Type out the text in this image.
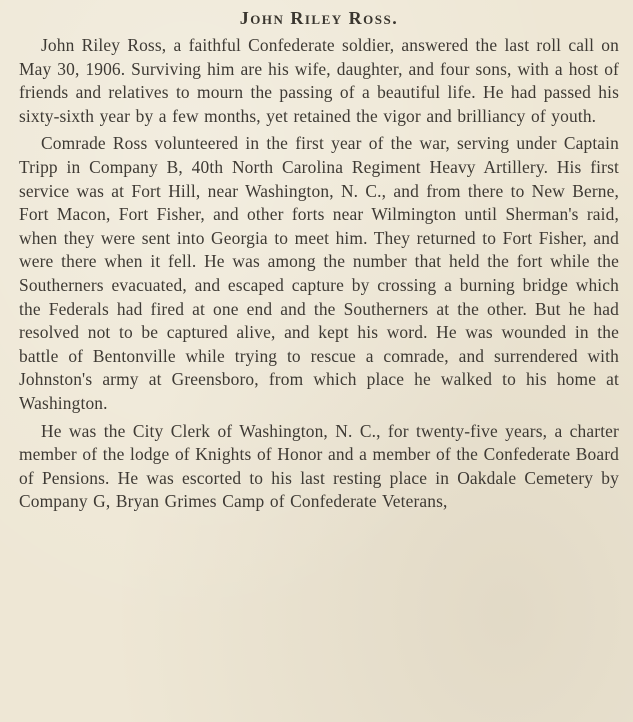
John Riley Ross.

John Riley Ross, a faithful Confederate soldier, answered the last roll call on May 30, 1906. Surviving him are his wife, daughter, and four sons, with a host of friends and relatives to mourn the passing of a beautiful life. He had passed his sixty-sixth year by a few months, yet retained the vigor and brilliancy of youth.

Comrade Ross volunteered in the first year of the war, serving under Captain Tripp in Company B, 40th North Carolina Regiment Heavy Artillery. His first service was at Fort Hill, near Washington, N. C., and from there to New Berne, Fort Macon, Fort Fisher, and other forts near Wilmington until Sherman's raid, when they were sent into Georgia to meet him. They returned to Fort Fisher, and were there when it fell. He was among the number that held the fort while the Southerners evacuated, and escaped capture by crossing a burning bridge which the Federals had fired at one end and the Southerners at the other. But he had resolved not to be captured alive, and kept his word. He was wounded in the battle of Bentonville while trying to rescue a comrade, and surrendered with Johnston's army at Greensboro, from which place he walked to his home at Washington.

He was the City Clerk of Washington, N. C., for twenty-five years, a charter member of the lodge of Knights of Honor and a member of the Confederate Board of Pensions. He was escorted to his last resting place in Oakdale Cemetery by Company G, Bryan Grimes Camp of Confederate Veterans,
